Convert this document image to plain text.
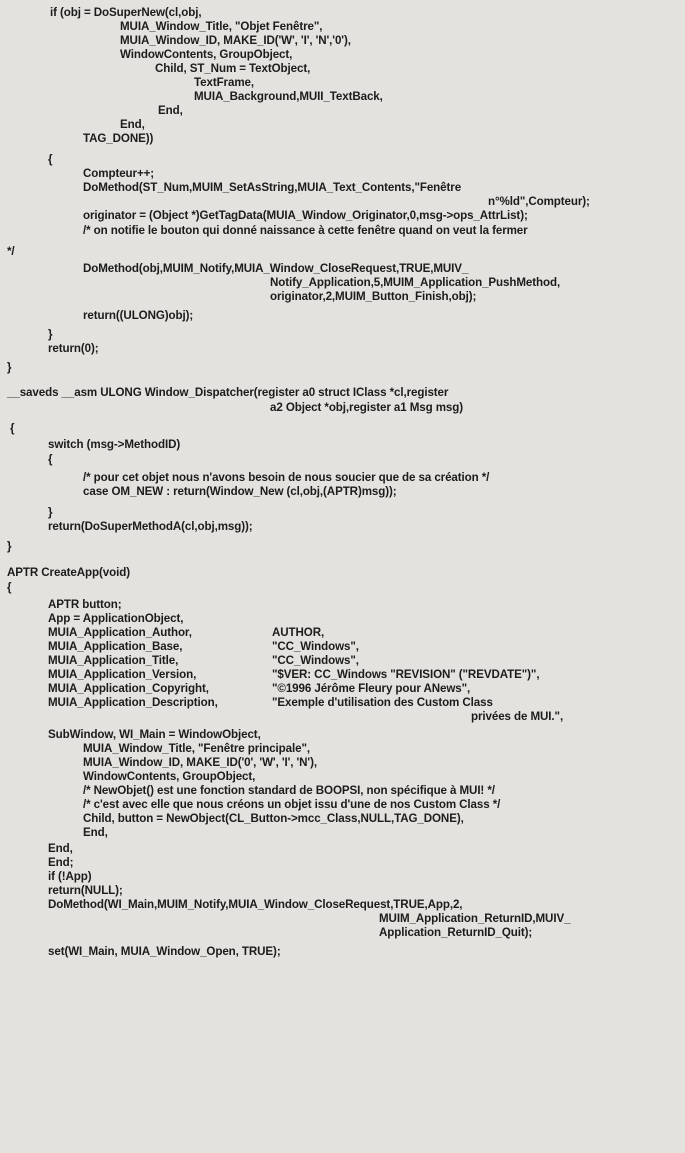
if (obj = DoSuperNew(cl,obj,
MUIA_Window_Title, "Objet Fenêtre",
MUIA_Window_ID, MAKE_ID('W', 'I', 'N','0'),
WindowContents, GroupObject,
Child, ST_Num = TextObject,
TextFrame,
MUIA_Background,MUII_TextBack,
End,
End,
TAG_DONE))
{
Compteur++;
DoMethod(ST_Num,MUIM_SetAsString,MUIA_Text_Contents,"Fenêtre
n°%ld",Compteur);
originator = (Object *)GetTagData(MUIA_Window_Originator,0,msg->ops_AttrList);
/* on notifie le bouton qui donné naissance à cette fenêtre quand on veut la fermer
*/
DoMethod(obj,MUIM_Notify,MUIA_Window_CloseRequest,TRUE,MUIV_
Notify_Application,5,MUIM_Application_PushMethod,
originator,2,MUIM_Button_Finish,obj);
return((ULONG)obj);
}
return(0);
}
__saveds __asm ULONG Window_Dispatcher(register a0 struct IClass *cl,register
a2 Object *obj,register a1 Msg msg)
{
switch (msg->MethodID)
{
/* pour cet objet nous n'avons besoin de nous soucier que de sa création */
case OM_NEW : return(Window_New (cl,obj,(APTR)msg));
}
return(DoSuperMethodA(cl,obj,msg));
}
APTR CreateApp(void)
{
APTR button;
App = ApplicationObject,
MUIA_Application_Author,	AUTHOR,
MUIA_Application_Base,	"CC_Windows",
MUIA_Application_Title,	"CC_Windows",
MUIA_Application_Version,	"$VER: CC_Windows "REVISION" ("REVDATE")",
MUIA_Application_Copyright,	"©1996 Jérôme Fleury pour ANews",
MUIA_Application_Description,	"Exemple d'utilisation des Custom Class
privées de MUI.",
SubWindow, WI_Main = WindowObject,
MUIA_Window_Title, "Fenêtre principale",
MUIA_Window_ID, MAKE_ID('0', 'W', 'I', 'N'),
WindowContents, GroupObject,
/* NewObjet() est une fonction standard de BOOPSI, non spécifique à MUI! */
/* c'est avec elle que nous créons un objet issu d'une de nos Custom Class */
Child, button = NewObject(CL_Button->mcc_Class,NULL,TAG_DONE),
End,
End,
End;
if (!App)
return(NULL);
DoMethod(WI_Main,MUIM_Notify,MUIA_Window_CloseRequest,TRUE,App,2,
MUIM_Application_ReturnID,MUIV_
Application_ReturnID_Quit);
set(WI_Main, MUIA_Window_Open, TRUE);
